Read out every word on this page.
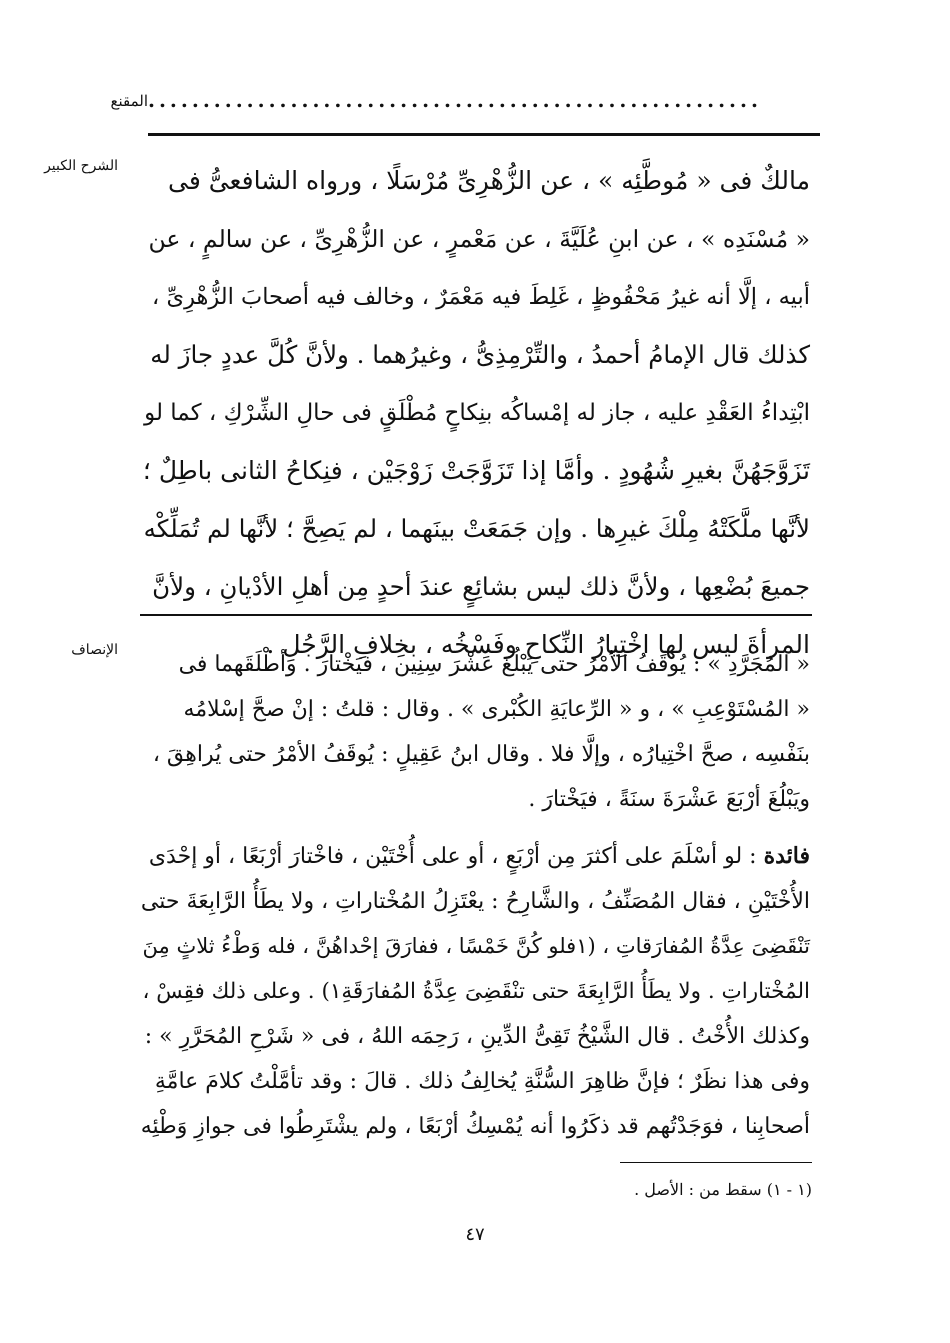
المقنع ........................................................
الشرح الكبير	مالكٌ فى « مُوطَّئِه » ، عن الزُّهْرِىِّ مُرْسَلًا ، ورواه الشافعىُّ فى
« مُسْنَدِه » ، عن ابنِ عُلَيَّةَ ، عن مَعْمرٍ ، عن الزُّهْرِىِّ ، عن سالمٍ ، عن
أبيه ، إلَّا أنه غيرُ مَحْفُوظٍ ، غَلِطَ فيه مَعْمَرٌ ، وخالف فيه أصحابَ الزُّهْرِىِّ ،
كذلك قال الإمامُ أحمدُ ، والتِّرْمِذِىُّ ، وغيرُهما . ولأنَّ كُلَّ عددٍ جازَ له
ابْتِداءُ العَقْدِ عليه ، جاز له إمْساكُه بنِكاحٍ مُطْلَقٍ فى حالِ الشِّرْكِ ، كما لو
تَزَوَّجَهُنَّ بغيرِ شُهُودٍ . وأمَّا إذا تَزَوَّجَتْ زَوْجَيْن ، فنِكاحُ الثانى باطِلٌ ؛
لأنَّها ملَّكَتْهُ مِلْكَ غيرِها . وإن جَمَعَتْ بينَهما ، لم يَصِحَّ ؛ لأنَّها لم تُمَلِّكْه
جميعَ بُضْعِها ، ولأنَّ ذلك ليس بشائِعٍ عندَ أحدٍ مِن أهلِ الأدْيانِ ، ولأنَّ
المرأةَ ليس لها اخْتِيارُ النِّكاحِ وفَسْخُه ، بخِلافِ الرَّجُلِ .
الإنصاف
« المُجَرَّدِ » : يُوقَفُ الأمْرُ حتى يَبْلُغَ عَشْرَ سِنِين ، فيَخْتارَ . وأطْلَقَهما فى
« المُسْتَوْعِبِ » ، و « الرِّعايَةِ الكُبْرى » . وقال : قلتُ : إنْ صحَّ إسْلامُه
بنَفْسِه ، صحَّ اخْتِيارُه ، وإلَّا فلا . وقال ابنُ عَقِيلٍ : يُوقَفُ الأمْرُ حتى يُراهِقَ ،
ويَبْلُغَ أرْبَعَ عَشْرَةَ سنَةً ، فيَخْتارَ .
فائدة : لو أسْلَمَ على أكثرَ مِن أرْبَعٍ ، أو على أُخْتَيْن ، فاخْتارَ أرْبَعًا ، أو إحْدَى
الأُخْتَيْنِ ، فقال المُصَنِّفُ ، والشَّارِحُ : يعْتَزِلُ المُخْتاراتِ ، ولا يطَأُ الرَّابِعَةَ حتى
تَنْقَضِىَ عِدَّةُ المُفارَقاتِ ، (١فلو كُنَّ خَمْسًا ، ففارَقَ إحْداهُنَّ ، فله وَطْءُ ثلاثٍ مِنَ
المُخْتاراتِ . ولا يطَأُ الرَّابِعَةَ حتى تنْقَضِىَ عِدَّةُ المُفارَقَةِ١) . وعلى ذلك فقِسْ ،
وكذلك الأُخْتُ . قال الشَّيْخُ تَقِىُّ الدِّينِ ، رَحِمَه اللهُ ، فى « شَرْحِ المُحَرَّرِ » :
وفى هذا نظَرٌ ؛ فإنَّ ظاهِرَ السُّنَّةِ يُخالِفُ ذلك . قالَ : وقد تأمَّلْتُ كلامَ عامَّةِ
أصحابِنا ، فوَجَدْتُهم قد ذكَرُوا أنه يُمْسِكُ أرْبَعًا ، ولم يشْتَرِطُوا فى جوازِ وَطْئِه
(١ - ١) سقط من : الأصل .
٤٧
